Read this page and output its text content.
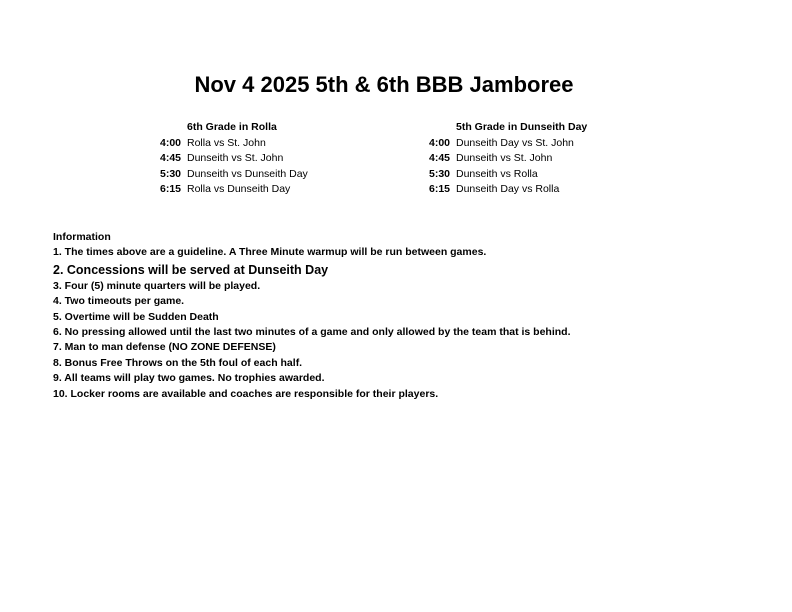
Nov 4 2025 5th & 6th BBB Jamboree
6th Grade in Rolla
4:00 Rolla vs St. John
4:45 Dunseith vs St. John
5:30 Dunseith vs Dunseith Day
6:15 Rolla vs Dunseith Day
5th Grade in Dunseith Day
4:00 Dunseith Day vs St. John
4:45 Dunseith vs St. John
5:30 Dunseith vs Rolla
6:15 Dunseith Day vs Rolla
Information
1. The times above are a guideline. A Three Minute warmup will be run between games.
2. Concessions will be served at Dunseith Day
3. Four (5) minute quarters will be played.
4. Two timeouts per game.
5. Overtime will be Sudden Death
6. No pressing allowed until the last two minutes of a game and only allowed by the team that is behind.
7. Man to man defense (NO ZONE DEFENSE)
8. Bonus Free Throws on the 5th foul of each half.
9. All teams will play two games. No trophies awarded.
10. Locker rooms are available and coaches are responsible for their players.
